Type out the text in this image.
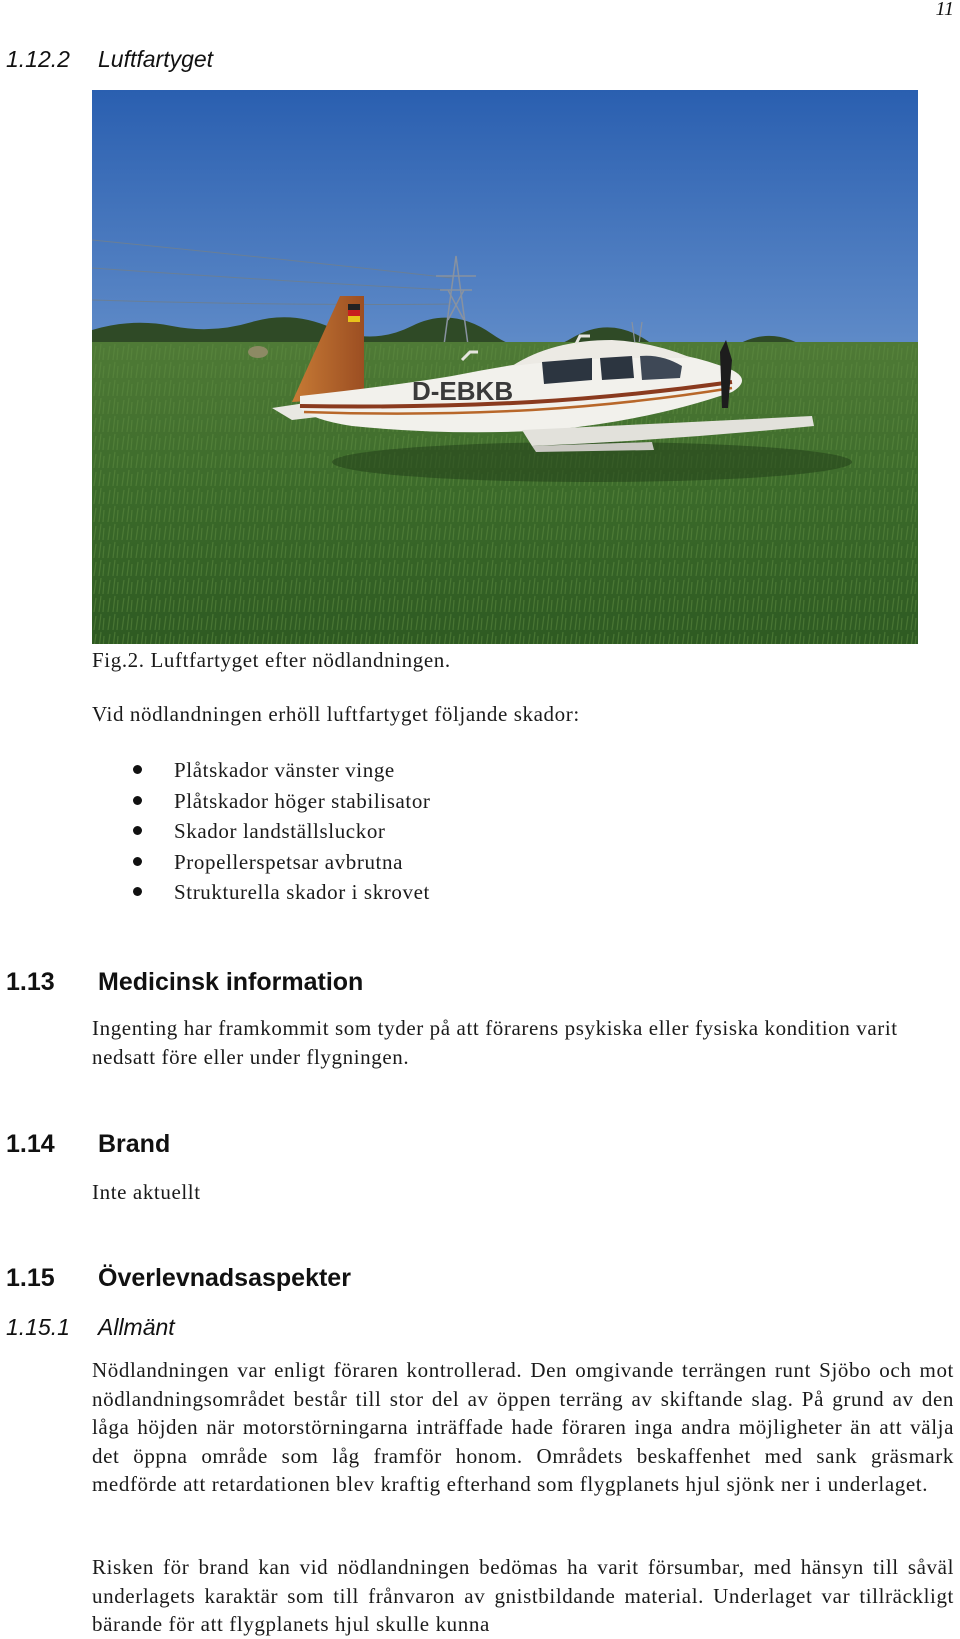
11
1.12.2 Luftfartyget
D-EBKB
Fig.2. Luftfartyget efter nödlandningen.
Vid nödlandningen erhöll luftfartyget följande skador:
Plåtskador vänster vinge
Plåtskador höger stabilisator
Skador landställsluckor
Propellerspetsar avbrutna
Strukturella skador i skrovet
1.13 Medicinsk information
Ingenting har framkommit som tyder på att förarens psykiska eller fysiska kondition varit nedsatt före eller under flygningen.
1.14 Brand
Inte aktuellt
1.15 Överlevnadsaspekter
1.15.1 Allmänt
Nödlandningen var enligt föraren kontrollerad. Den omgivande terrängen runt Sjöbo och mot nödlandningsområdet består till stor del av öppen terräng av skiftande slag. På grund av den låga höjden när motorstörningarna inträffade hade föraren inga andra möjligheter än att välja det öppna område som låg framför honom. Områdets beskaffenhet med sank gräsmark medförde att retardationen blev kraftig efterhand som flygplanets hjul sjönk ner i underlaget.
Risken för brand kan vid nödlandningen bedömas ha varit försumbar, med hänsyn till såväl underlagets karaktär som till frånvaron av gnistbildande material. Underlaget var tillräckligt bärande för att flygplanets hjul skulle kunna
